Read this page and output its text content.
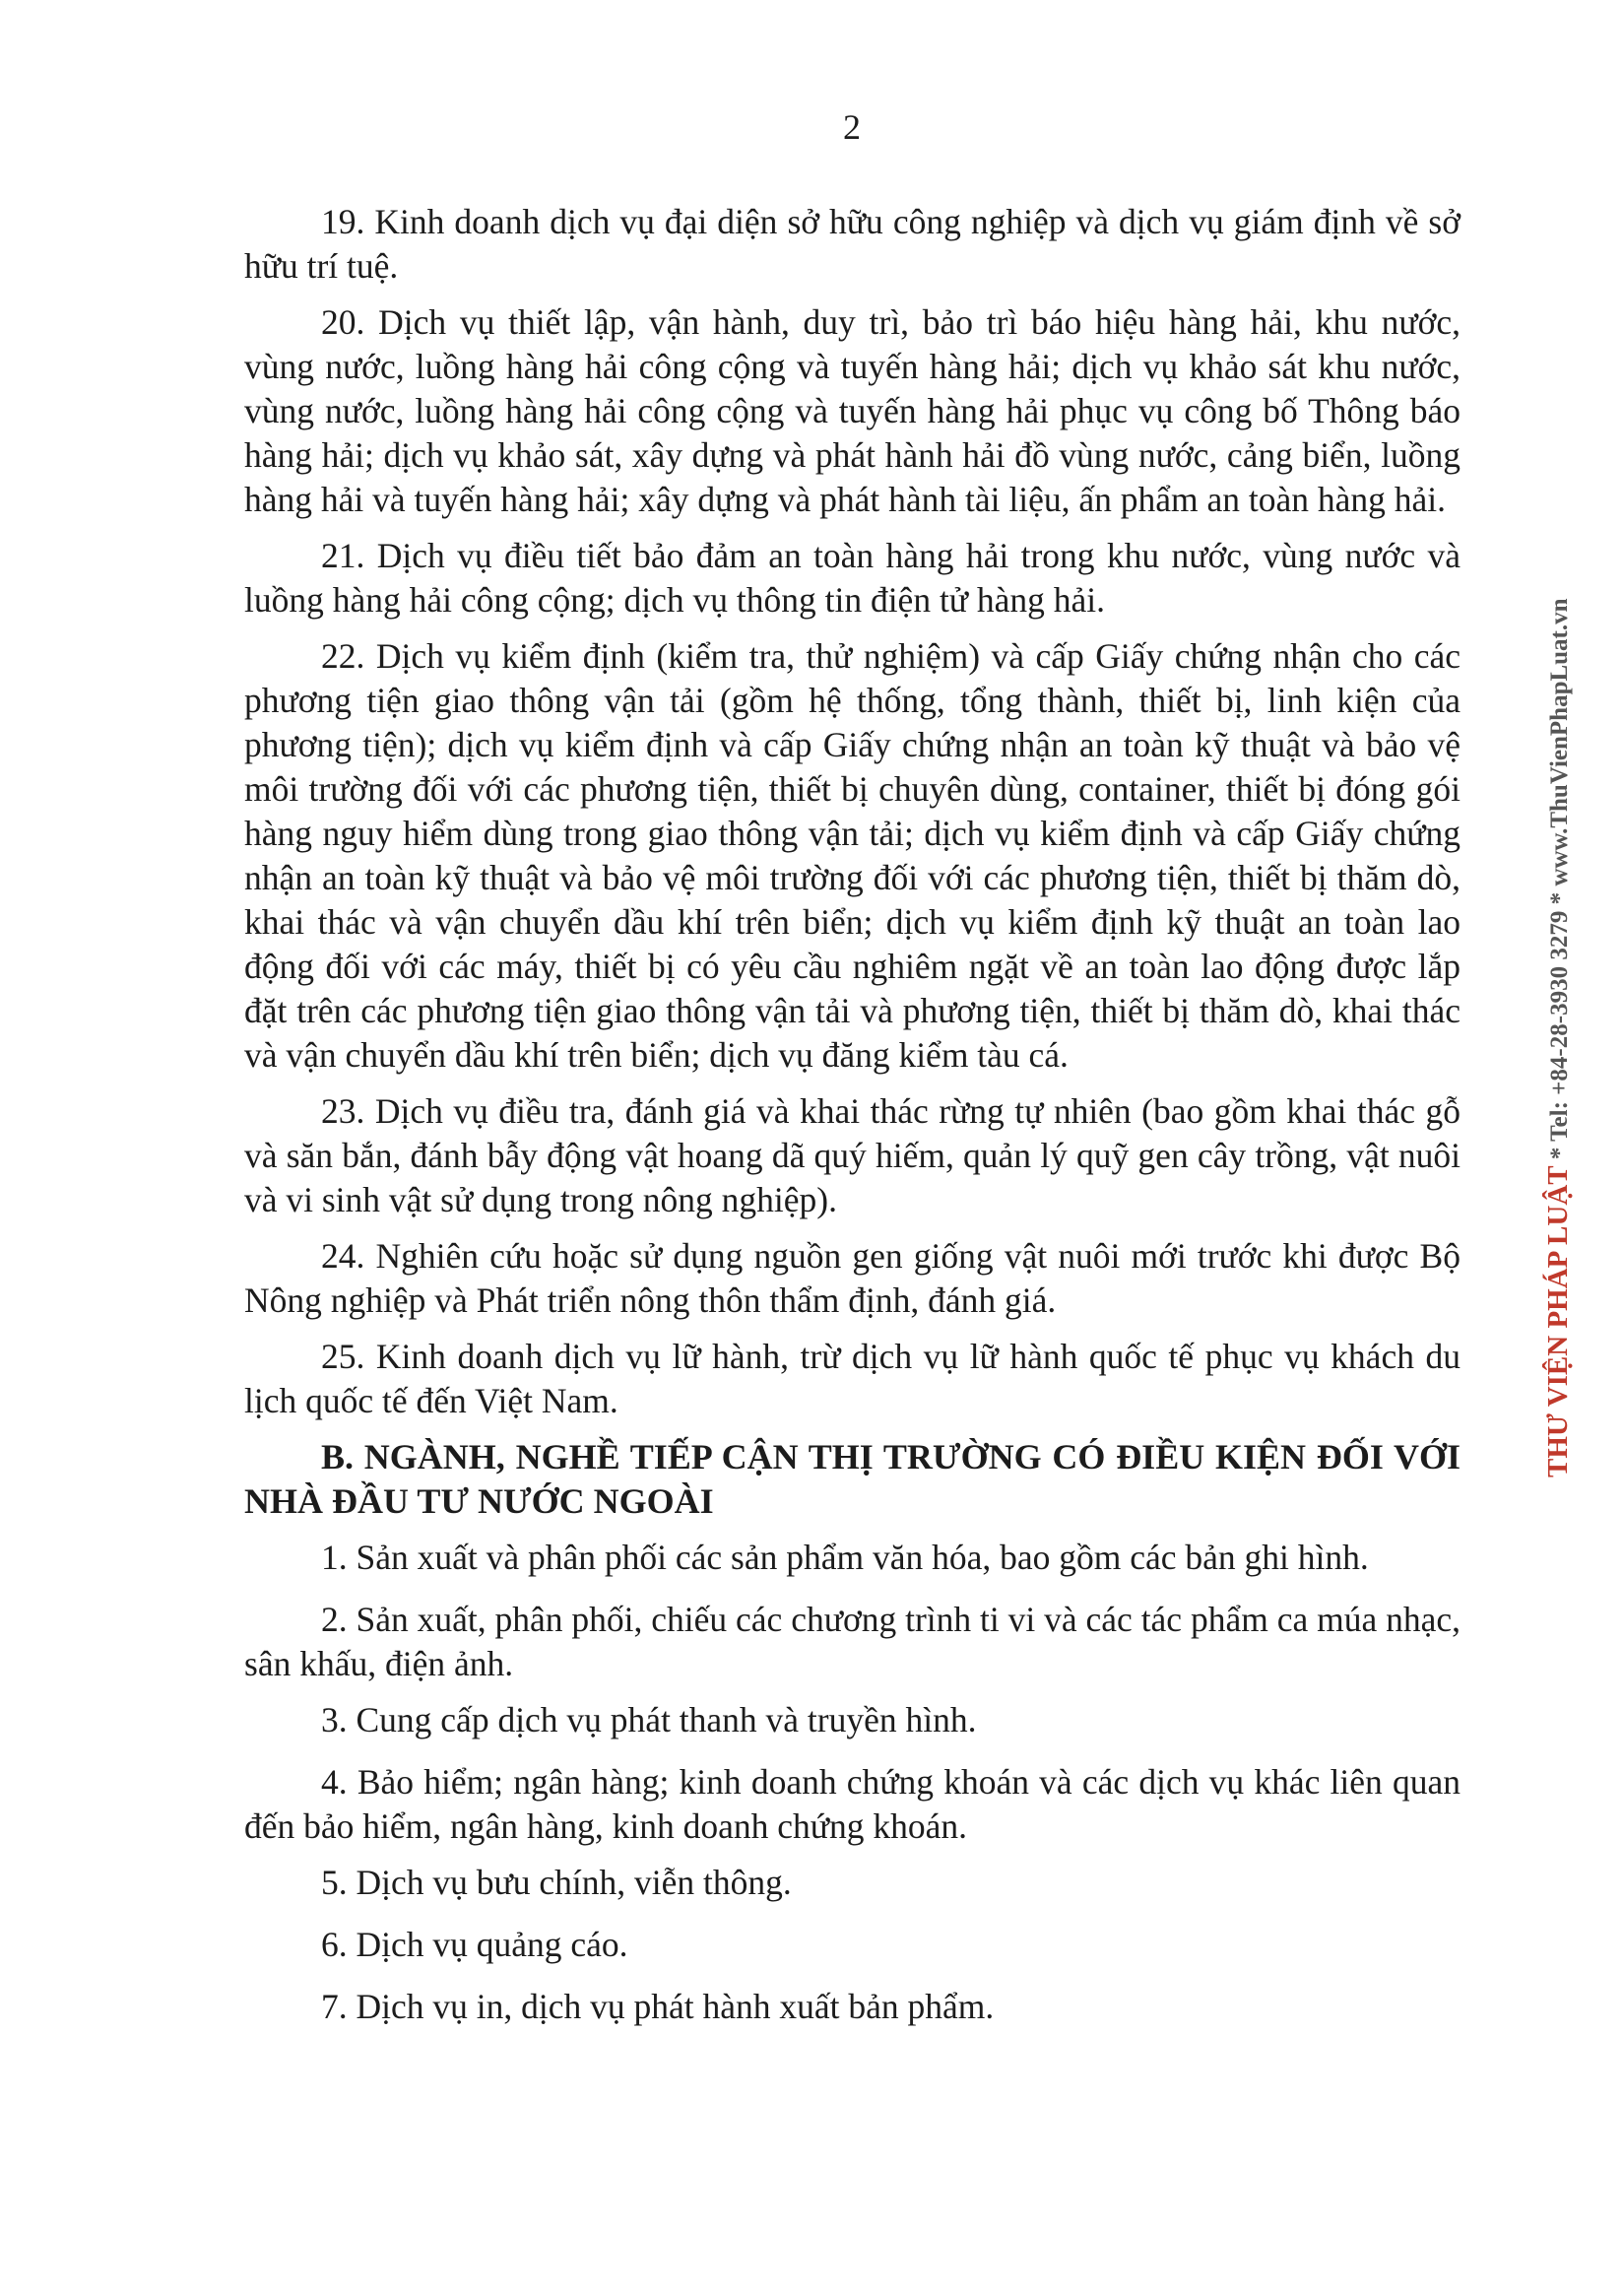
2

19. Kinh doanh dịch vụ đại diện sở hữu công nghiệp và dịch vụ giám định về sở hữu trí tuệ.

20. Dịch vụ thiết lập, vận hành, duy trì, bảo trì báo hiệu hàng hải, khu nước, vùng nước, luồng hàng hải công cộng và tuyến hàng hải; dịch vụ khảo sát khu nước, vùng nước, luồng hàng hải công cộng và tuyến hàng hải phục vụ công bố Thông báo hàng hải; dịch vụ khảo sát, xây dựng và phát hành hải đồ vùng nước, cảng biển, luồng hàng hải và tuyến hàng hải; xây dựng và phát hành tài liệu, ấn phẩm an toàn hàng hải.

21. Dịch vụ điều tiết bảo đảm an toàn hàng hải trong khu nước, vùng nước và luồng hàng hải công cộng; dịch vụ thông tin điện tử hàng hải.

22. Dịch vụ kiểm định (kiểm tra, thử nghiệm) và cấp Giấy chứng nhận cho các phương tiện giao thông vận tải (gồm hệ thống, tổng thành, thiết bị, linh kiện của phương tiện); dịch vụ kiểm định và cấp Giấy chứng nhận an toàn kỹ thuật và bảo vệ môi trường đối với các phương tiện, thiết bị chuyên dùng, container, thiết bị đóng gói hàng nguy hiểm dùng trong giao thông vận tải; dịch vụ kiểm định và cấp Giấy chứng nhận an toàn kỹ thuật và bảo vệ môi trường đối với các phương tiện, thiết bị thăm dò, khai thác và vận chuyển dầu khí trên biển; dịch vụ kiểm định kỹ thuật an toàn lao động đối với các máy, thiết bị có yêu cầu nghiêm ngặt về an toàn lao động được lắp đặt trên các phương tiện giao thông vận tải và phương tiện, thiết bị thăm dò, khai thác và vận chuyển dầu khí trên biển; dịch vụ đăng kiểm tàu cá.

23. Dịch vụ điều tra, đánh giá và khai thác rừng tự nhiên (bao gồm khai thác gỗ và săn bắn, đánh bẫy động vật hoang dã quý hiếm, quản lý quỹ gen cây trồng, vật nuôi và vi sinh vật sử dụng trong nông nghiệp).

24. Nghiên cứu hoặc sử dụng nguồn gen giống vật nuôi mới trước khi được Bộ Nông nghiệp và Phát triển nông thôn thẩm định, đánh giá.

25. Kinh doanh dịch vụ lữ hành, trừ dịch vụ lữ hành quốc tế phục vụ khách du lịch quốc tế đến Việt Nam.

B. NGÀNH, NGHỀ TIẾP CẬN THỊ TRƯỜNG CÓ ĐIỀU KIỆN ĐỐI VỚI NHÀ ĐẦU TƯ NƯỚC NGOÀI

1. Sản xuất và phân phối các sản phẩm văn hóa, bao gồm các bản ghi hình.

2. Sản xuất, phân phối, chiếu các chương trình ti vi và các tác phẩm ca múa nhạc, sân khấu, điện ảnh.

3. Cung cấp dịch vụ phát thanh và truyền hình.

4. Bảo hiểm; ngân hàng; kinh doanh chứng khoán và các dịch vụ khác liên quan đến bảo hiểm, ngân hàng, kinh doanh chứng khoán.

5. Dịch vụ bưu chính, viễn thông.

6. Dịch vụ quảng cáo.

7. Dịch vụ in, dịch vụ phát hành xuất bản phẩm.

THƯ VIỆN PHÁP LUẬT * Tel: +84-28-3930 3279 * www.ThuVienPhapLuat.vn
